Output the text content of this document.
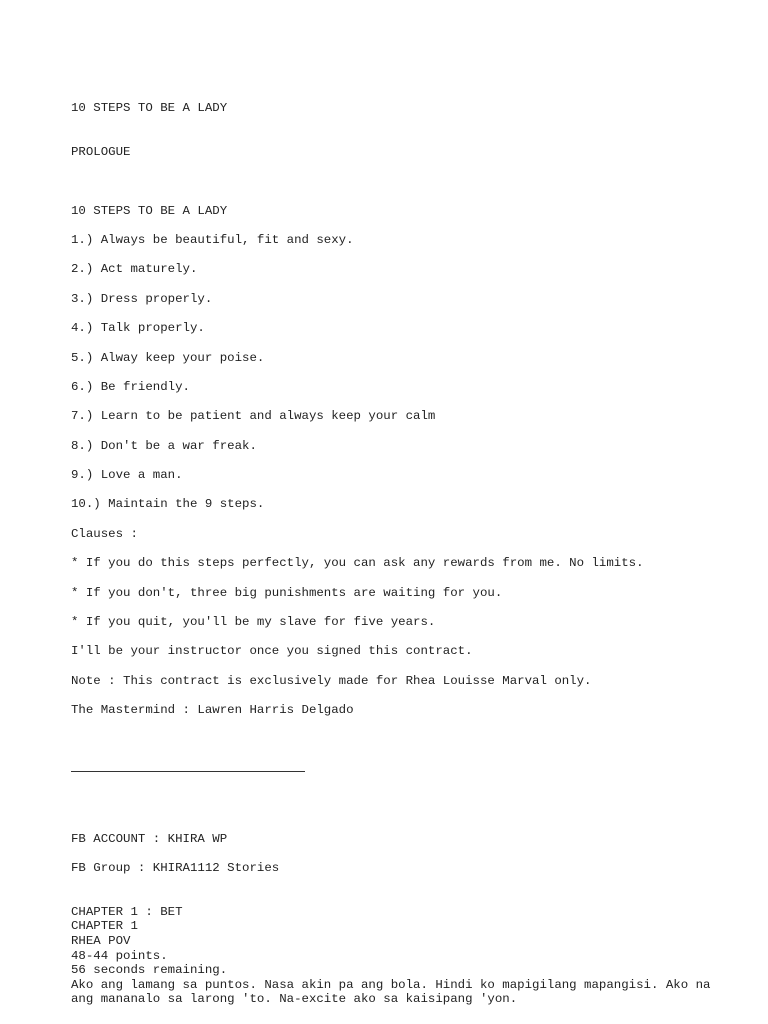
10 STEPS TO BE A LADY

PROLOGUE

10 STEPS TO BE A LADY
1.) Always be beautiful, fit and sexy.
2.) Act maturely.
3.) Dress properly.
4.) Talk properly.
5.) Alway keep your poise.
6.) Be friendly.
7.) Learn to be patient and always keep your calm
8.) Don't be a war freak.
9.) Love a man.
10.) Maintain the 9 steps.
Clauses :
* If you do this steps perfectly, you can ask any rewards from me. No limits.
* If you don't, three big punishments are waiting for you.
* If you quit, you'll be my slave for five years.
I'll be your instructor once you signed this contract.
Note : This contract is exclusively made for Rhea Louisse Marval only.
The Mastermind : Lawren Harris Delgado
FB ACCOUNT : KHIRA WP
FB Group : KHIRA1112 Stories
CHAPTER 1 : BET
CHAPTER 1
RHEA POV
48-44 points.
56 seconds remaining.
Ako ang lamang sa puntos. Nasa akin pa ang bola. Hindi ko mapigilang mapangisi. Ako na ang mananalo sa larong 'to. Na-excite ako sa kaisipang 'yon.
